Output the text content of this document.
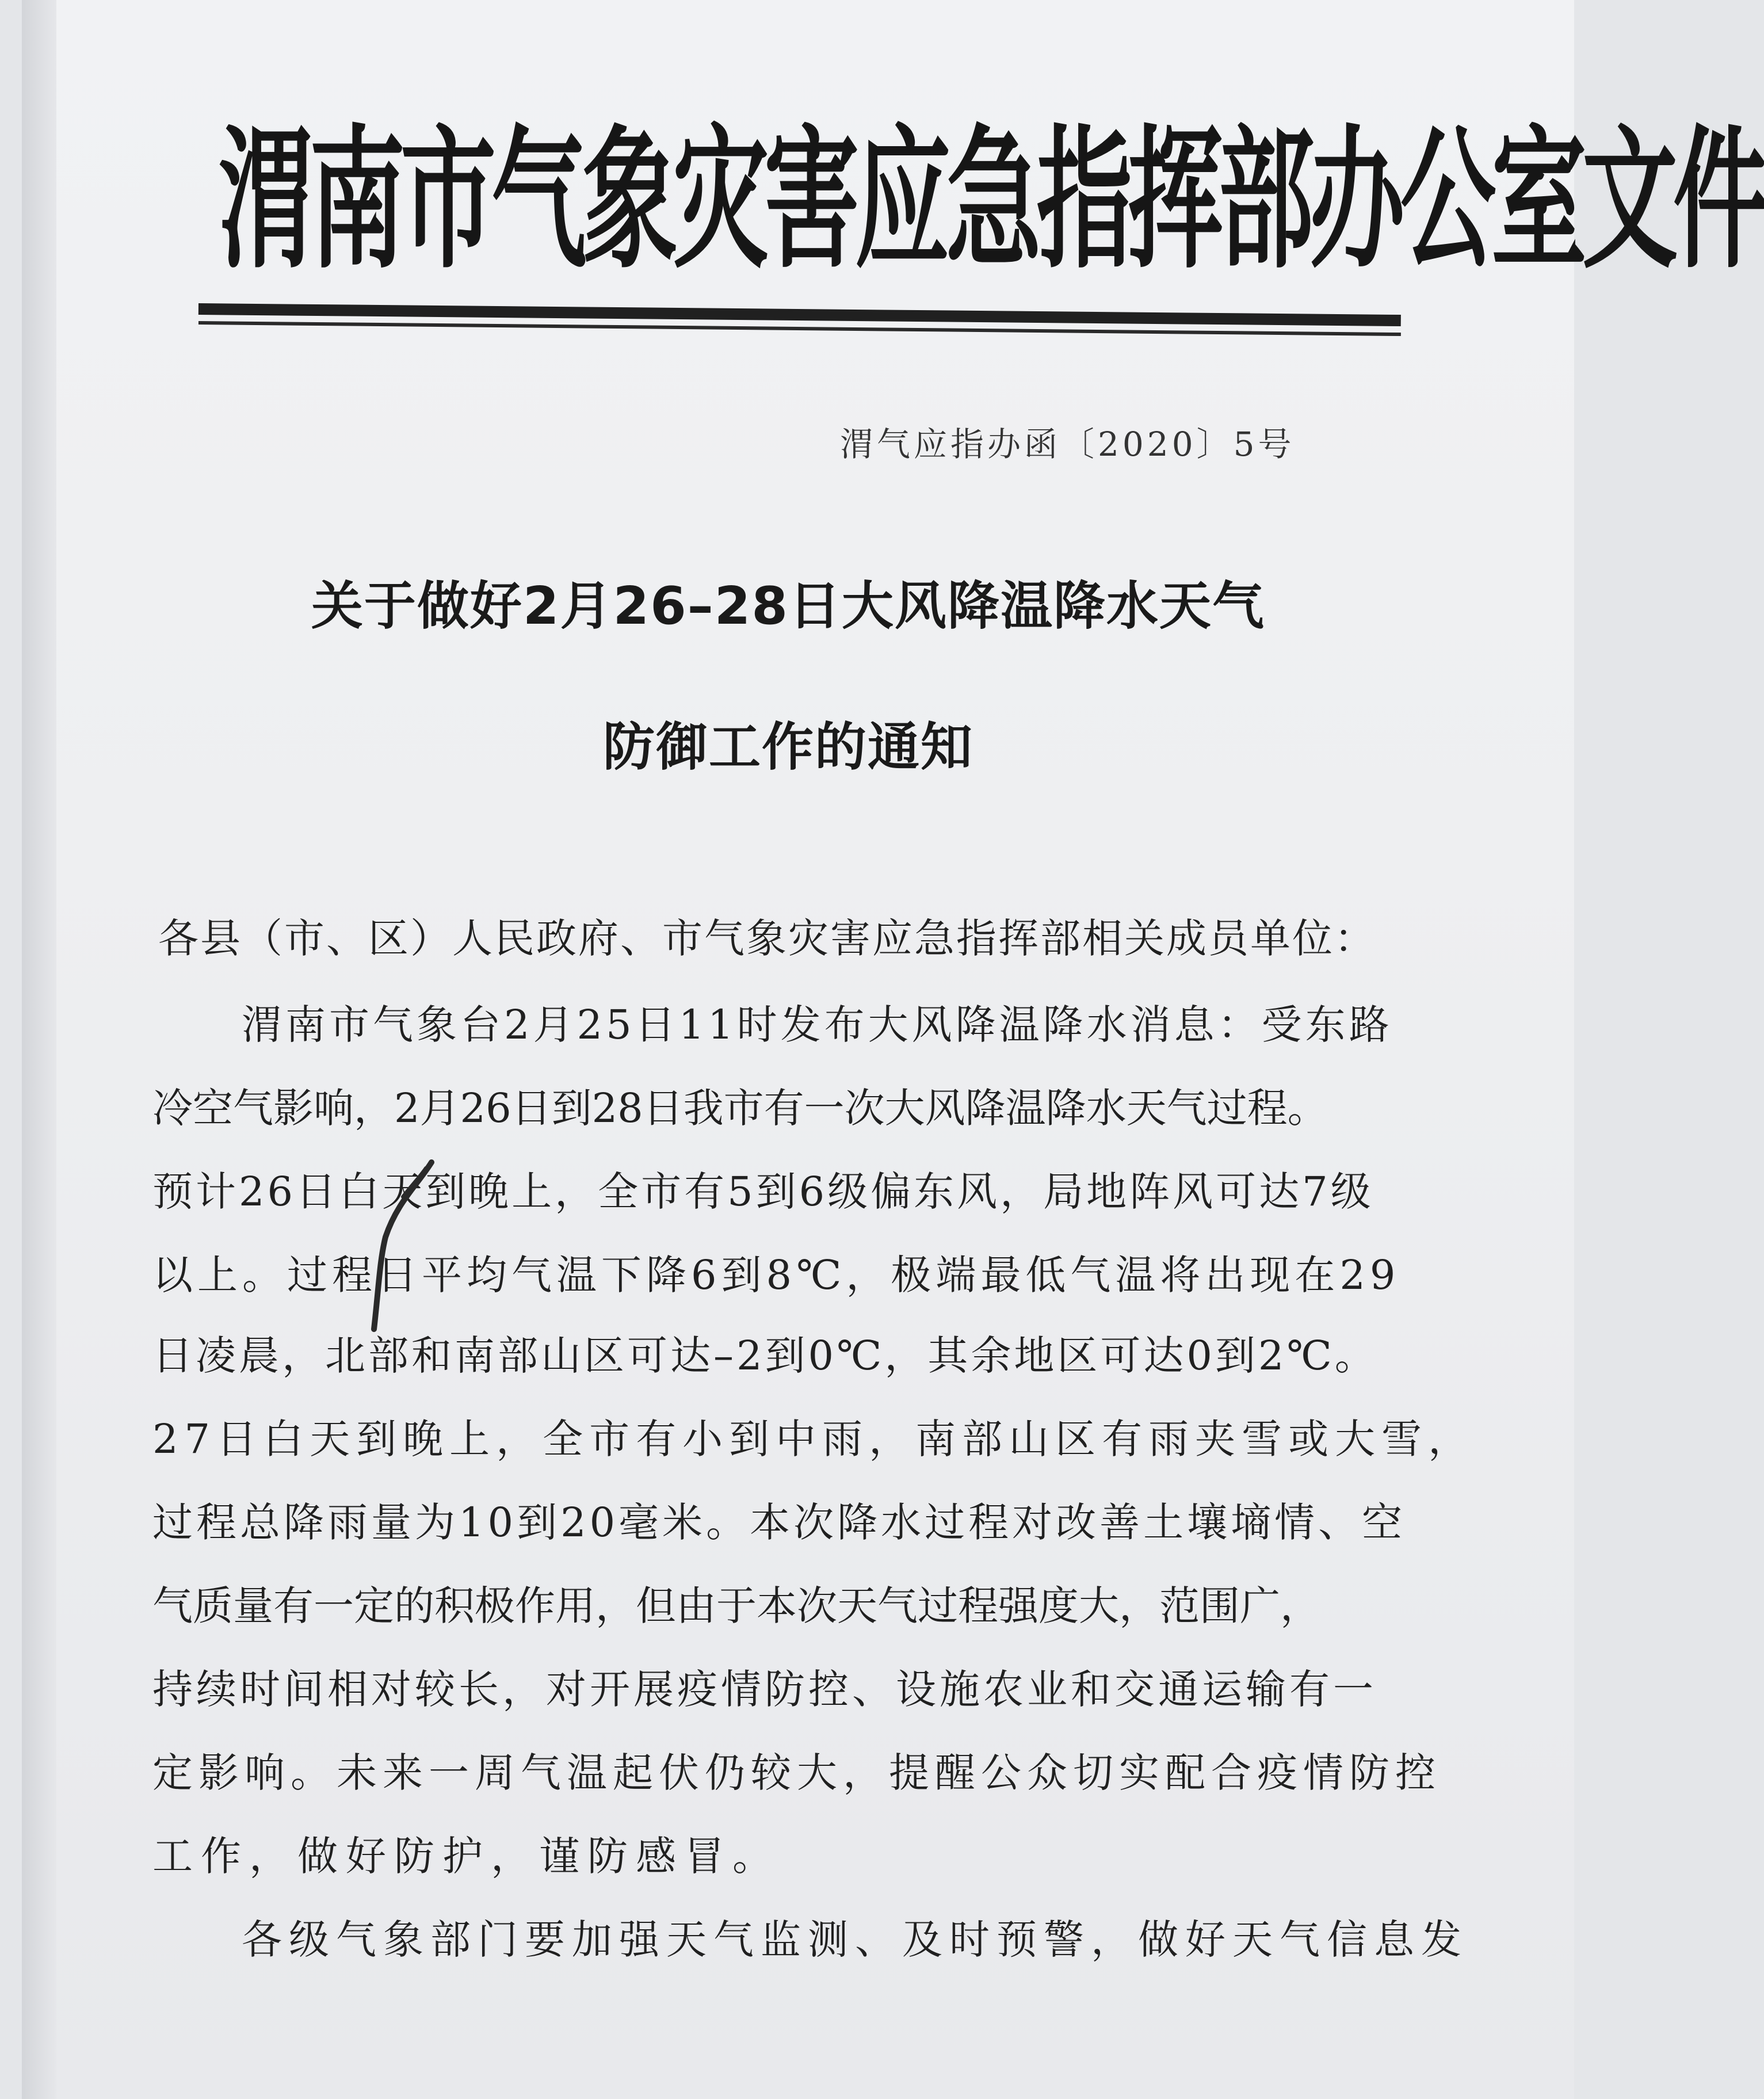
渭南市气象灾害应急指挥部办公室文件
渭气应指办函〔2020〕5号
关于做好2月26–28日大风降温降水天气
防御工作的通知
各县（市、区）人民政府、市气象灾害应急指挥部相关成员单位：
渭南市气象台2月25日11时发布大风降温降水消息：受东路
冷空气影响，2月26日到28日我市有一次大风降温降水天气过程。
预计26日白天到晚上，全市有5到6级偏东风，局地阵风可达7级
以上。过程日平均气温下降6到8℃，极端最低气温将出现在29
日凌晨，北部和南部山区可达–2到0℃，其余地区可达0到2℃。
27日白天到晚上，全市有小到中雨，南部山区有雨夹雪或大雪，
过程总降雨量为10到20毫米。本次降水过程对改善土壤墒情、空
气质量有一定的积极作用，但由于本次天气过程强度大，范围广，
持续时间相对较长，对开展疫情防控、设施农业和交通运输有一
定影响。未来一周气温起伏仍较大，提醒公众切实配合疫情防控
工作，做好防护，谨防感冒。
各级气象部门要加强天气监测、及时预警，做好天气信息发
